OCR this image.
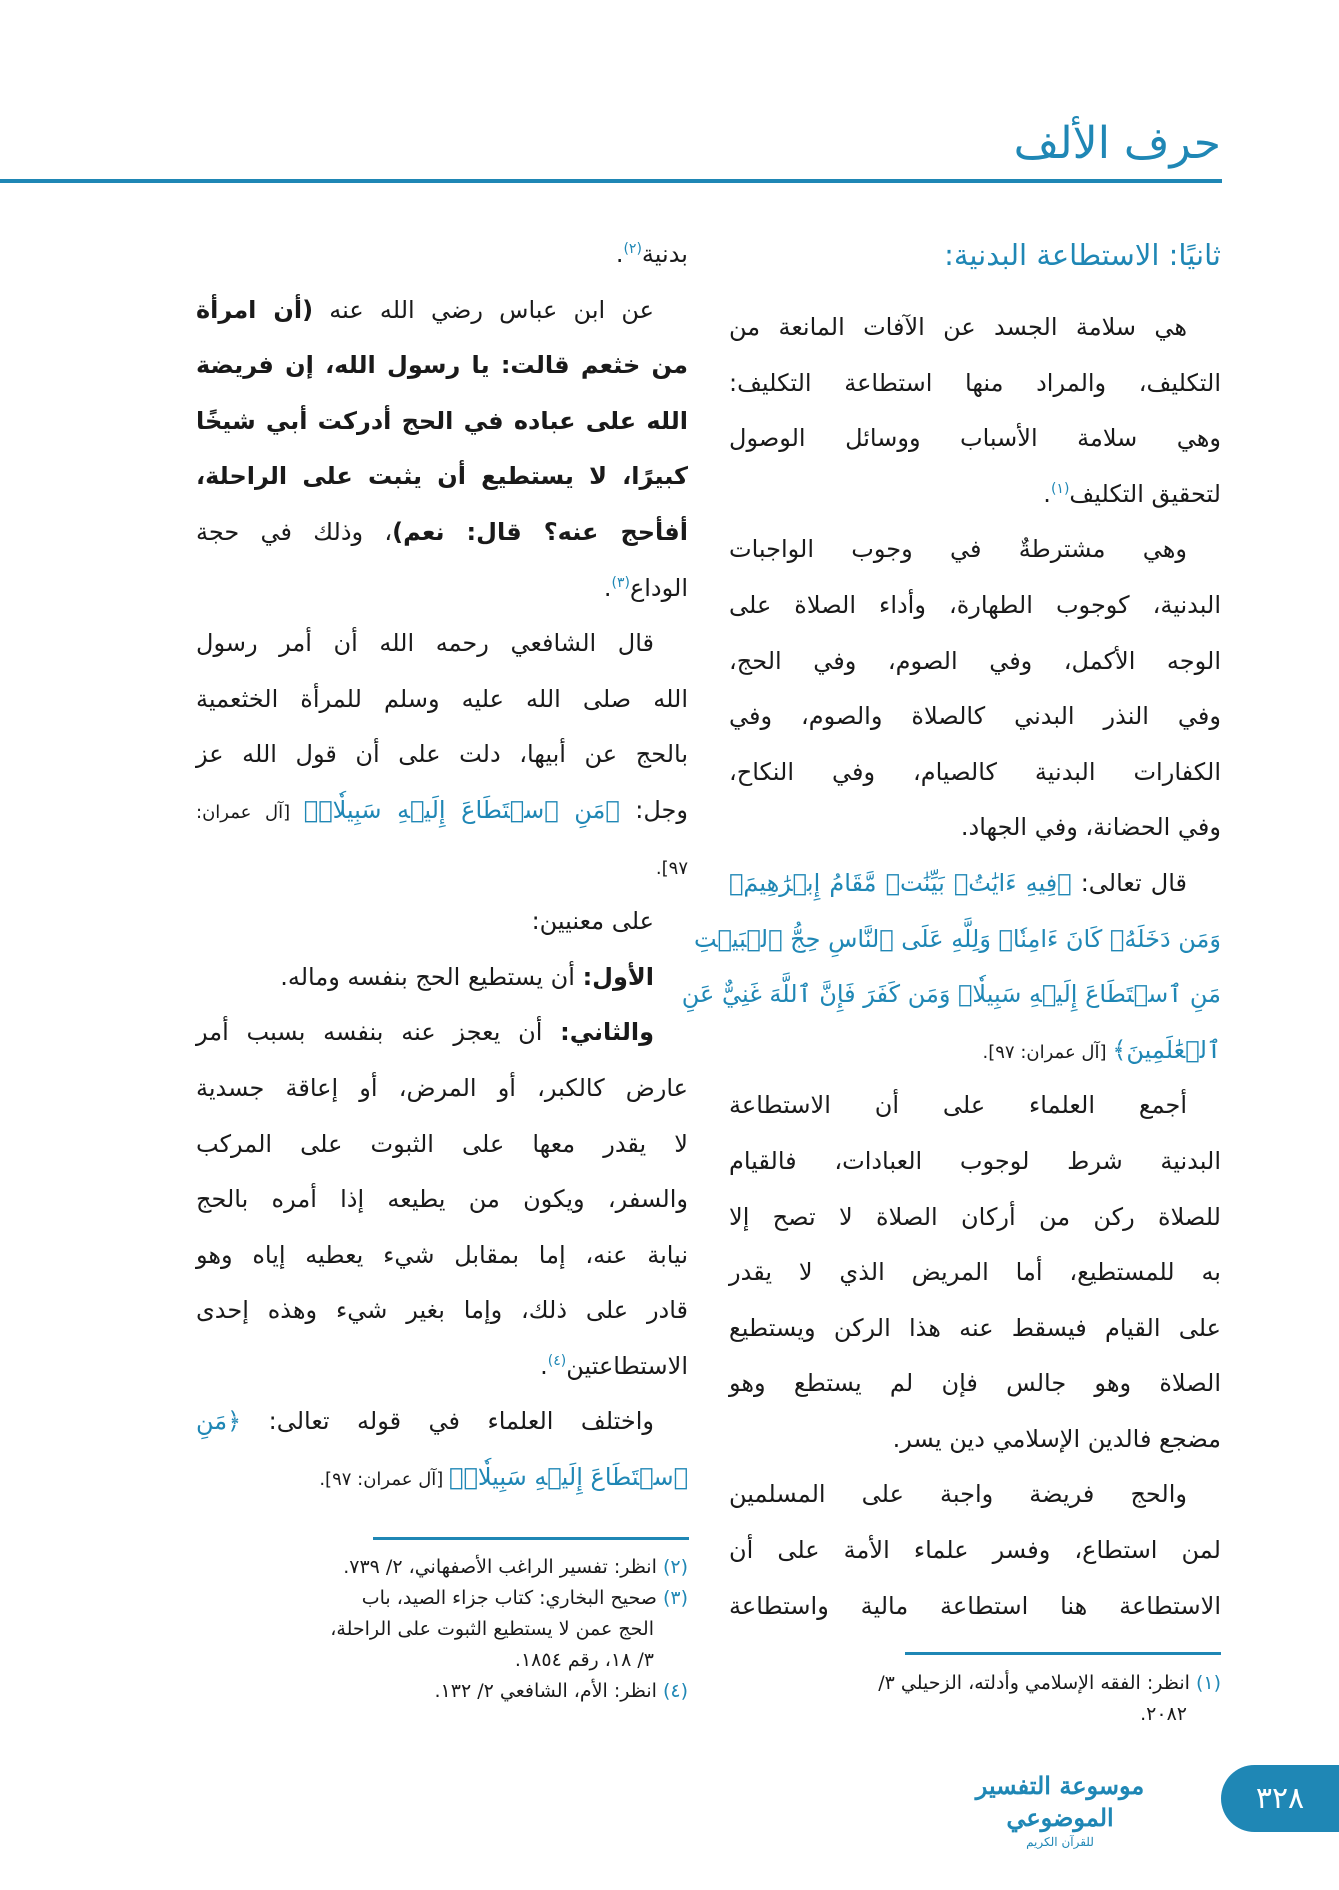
حرف الألف
ثانيًا: الاستطاعة البدنية:
هي سلامة الجسد عن الآفات المانعة من
التكليف، والمراد منها استطاعة التكليف:
وهي سلامة الأسباب ووسائل الوصول
لتحقيق التكليف$^{(١)}$.
وهي مشترطةٌ في وجوب الواجبات
البدنية، كوجوب الطهارة، وأداء الصلاة على
الوجه الأكمل، وفي الصوم، وفي الحج،
وفي النذر البدني كالصلاة والصوم، وفي
الكفارات البدنية كالصيام، وفي النكاح،
وفي الحضانة، وفي الجهاد.
قال تعالى: ﴿فِيهِ ءَايَٰتُۢ بَيِّنَٰتٞ مَّقَامُ إِبۡرَٰهِيمَۖ
وَمَن دَخَلَهُۥ كَانَ ءَامِنٗاۗ وَلِلَّهِ عَلَى ٱلنَّاسِ حِجُّ ٱلۡبَيۡتِ
مَنِ ٱسۡتَطَاعَ إِلَيۡهِ سَبِيلٗاۚ وَمَن كَفَرَ فَإِنَّ ٱللَّهَ غَنِيٌّ عَنِ
ٱلۡعَٰلَمِينَ﴾ [آل عمران: ٩٧].
أجمع العلماء على أن الاستطاعة
البدنية شرط لوجوب العبادات، فالقيام
للصلاة ركن من أركان الصلاة لا تصح إلا
به للمستطيع، أما المريض الذي لا يقدر
على القيام فيسقط عنه هذا الركن ويستطيع
الصلاة وهو جالس فإن لم يستطع وهو
مضجع فالدين الإسلامي دين يسر.
والحج فريضة واجبة على المسلمين
لمن استطاع، وفسر علماء الأمة على أن
الاستطاعة هنا استطاعة مالية واستطاعة
بدنية$^{(٢)}$.
عن ابن عباس رضي الله عنه (أن امرأة
من خثعم قالت: يا رسول الله، إن فريضة
الله على عباده في الحج أدركت أبي شيخًا
كبيرًا، لا يستطيع أن يثبت على الراحلة،
أفأحج عنه؟ قال: نعم)، وذلك في حجة
الوداع$^{(٣)}$.
قال الشافعي رحمه الله أن أمر رسول
الله صلى الله عليه وسلم للمرأة الخثعمية
بالحج عن أبيها، دلت على أن قول الله عز
وجل: ﴿مَنِ ٱسۡتَطَاعَ إِلَيۡهِ سَبِيلٗاۚ﴾ [آل عمران:
٩٧].
على معنيين:
الأول: أن يستطيع الحج بنفسه وماله.
والثاني: أن يعجز عنه بنفسه بسبب أمر
عارض كالكبر، أو المرض، أو إعاقة جسدية
لا يقدر معها على الثبوت على المركب
والسفر، ويكون من يطيعه إذا أمره بالحج
نيابة عنه، إما بمقابل شيء يعطيه إياه وهو
قادر على ذلك، وإما بغير شيء وهذه إحدى
الاستطاعتين$^{(٤)}$.
واختلف العلماء في قوله تعالى: ﴿مَنِ
ٱسۡتَطَاعَ إِلَيۡهِ سَبِيلٗاۚ﴾ [آل عمران: ٩٧].
(١) انظر: الفقه الإسلامي وأدلته، الزحيلي ٣/
٢٠٨٢.
(٢) انظر: تفسير الراغب الأصفهاني، ٢/ ٧٣٩.
(٣) صحيح البخاري: كتاب جزاء الصيد، باب
الحج عمن لا يستطيع الثبوت على الراحلة،
٣/ ١٨، رقم ١٨٥٤.
(٤) انظر: الأم، الشافعي ٢/ ١٣٢.
موسوعة التفسير الموضوعي
للقرآن الكريم
٣٢٨
